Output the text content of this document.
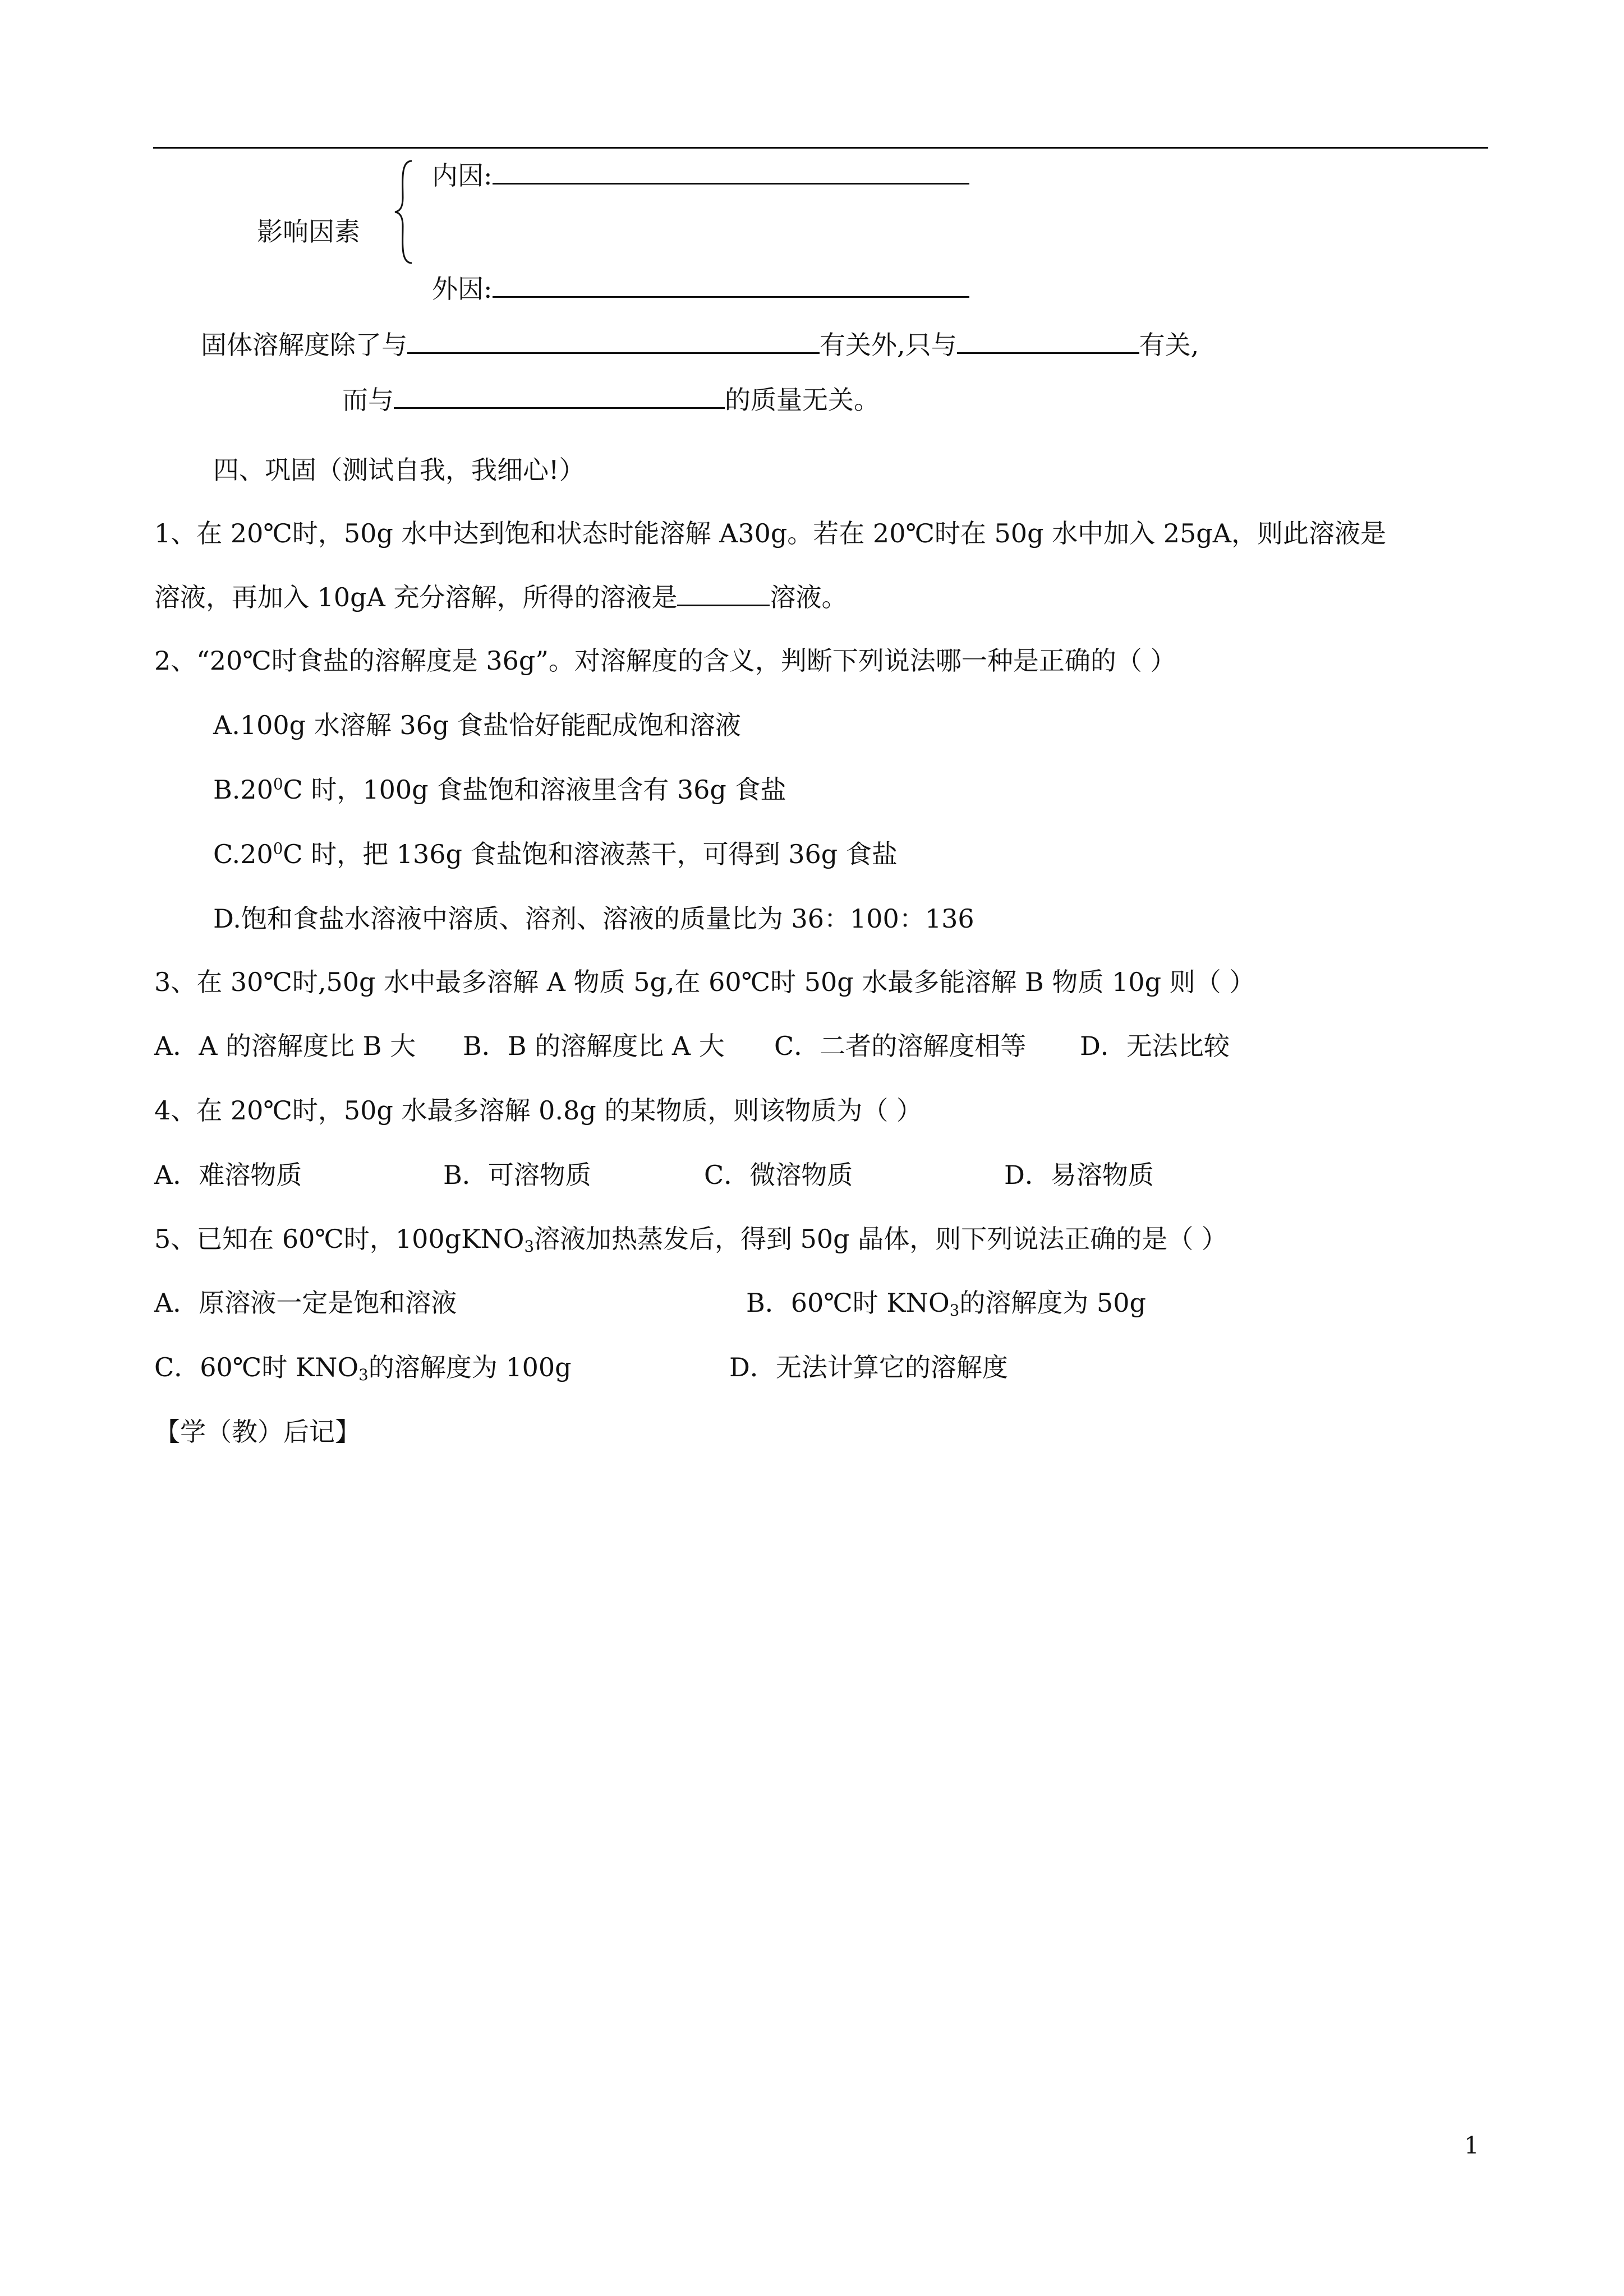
内因:
影响因素
外因:
固体溶解度除了与	有关外,只与	有关,
而与	的质量无关。
四、巩固（测试自我，我细心!）
1、在 20℃时，50g 水中达到饱和状态时能溶解 A30g。若在 20℃时在 50g 水中加入 25gA，则此溶液是
溶液，再加入 10gA 充分溶解，所得的溶液是	溶液。
2、“20℃时食盐的溶解度是 36g”。对溶解度的含义，判断下列说法哪一种是正确的（ ）
A.100g 水溶解 36g 食盐恰好能配成饱和溶液
$B.20^0C$ 时，100g 食盐饱和溶液里含有 36g 食盐
$C.20^0C$ 时，把 136g 食盐饱和溶液蒸干，可得到 36g 食盐
D.饱和食盐水溶液中溶质、溶剂、溶液的质量比为 36：100：136
3、在 30℃时,50g 水中最多溶解 A 物质 5g,在 60℃时 50g 水最多能溶解 B 物质 10g 则（ ）
A．A 的溶解度比 B 大 B．B 的溶解度比 A 大 C．二者的溶解度相等 D．无法比较
4、在 20℃时，50g 水最多溶解 0.8g 的某物质，则该物质为（ ）
A．难溶物质	B．可溶物质	C．微溶物质	D．易溶物质
5、已知在 60℃时，100gKNO$_3$溶液加热蒸发后，得到 50g 晶体，则下列说法正确的是（ ）
A．原溶液一定是饱和溶液	B．60℃时 $KNO_3$的溶解度为 50g
C．60℃时 $KNO_3$的溶解度为 100g	D．无法计算它的溶解度
【学（教）后记】
1
